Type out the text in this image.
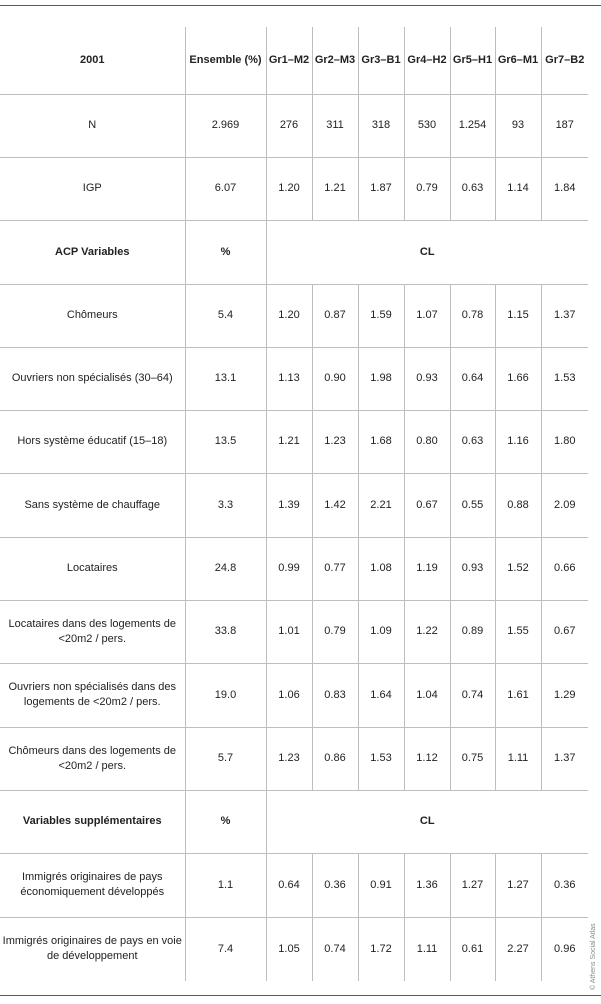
2001	Ensemble (%)	Gr1–M2	Gr2–M3	Gr3–B1	Gr4–H2	Gr5–H1	Gr6–M1	Gr7–B2
N	2.969	276	311	318	530	1.254	93	187
IGP	6.07	1.20	1.21	1.87	0.79	0.63	1.14	1.84
ACP Variables	%	CL						
Chômeurs	5.4	1.20	0.87	1.59	1.07	0.78	1.15	1.37
Ouvriers non spécialisés (30–64)	13.1	1.13	0.90	1.98	0.93	0.64	1.66	1.53
Hors système éducatif (15–18)	13.5	1.21	1.23	1.68	0.80	0.63	1.16	1.80
Sans système de chauffage	3.3	1.39	1.42	2.21	0.67	0.55	0.88	2.09
Locataires	24.8	0.99	0.77	1.08	1.19	0.93	1.52	0.66
Locataires dans des logements de <20m2 / pers.	33.8	1.01	0.79	1.09	1.22	0.89	1.55	0.67
Ouvriers non spécialisés dans des logements de <20m2 / pers.	19.0	1.06	0.83	1.64	1.04	0.74	1.61	1.29
Chômeurs dans des logements de <20m2 / pers.	5.7	1.23	0.86	1.53	1.12	0.75	1.11	1.37
Variables supplémentaires	%	CL						
Immigrés originaires de pays économiquement développés	1.1	0.64	0.36	0.91	1.36	1.27	1.27	0.36
Immigrés originaires de pays en voie de développement	7.4	1.05	0.74	1.72	1.11	0.61	2.27	0.96 © Athens Social Atlas
